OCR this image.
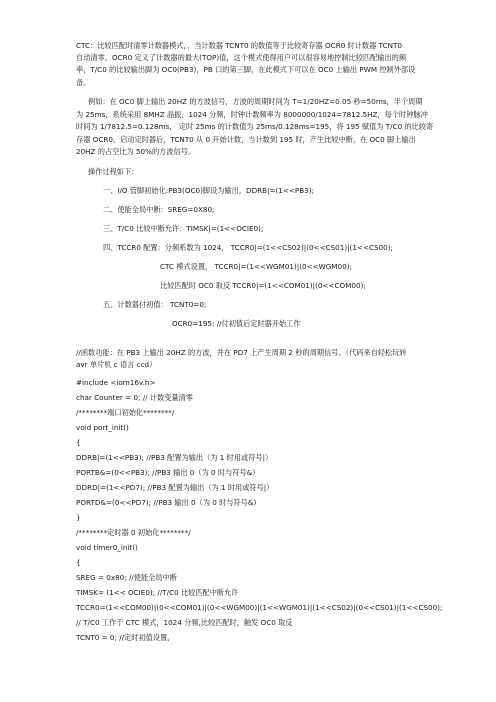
CTC：比较匹配时清零计数器模式，，当计数器 TCNT0 的数值等于比较寄存器 OCR0 时计数器 TCNT0
自动清零，OCR0 定义了计数器的最大(TOP)值，这个模式使得用户可以很容易地控制比较匹配输出的频
率，T/C0 的比较输出脚为 OC0(PB3)，PB 口的第三脚，在此模式下可以在 OC0 上输出 PWM 控制外部设
备。
例如：在 OC0 脚上输出 20HZ 的方波信号，方波的周期时间为 T=1/20HZ=0.05 秒=50ms，半个周期
为 25ms，系统采用 8MHZ 晶振，1024 分频，时钟计数频率为 8000000/1024=7812.5HZ，每个时钟脉冲
时间为 1/7812.5=0.128ms， 定时 25ms 的计数值为 25ms/0.128ms=195，将 195 赋值为 T/C0 的比较寄
存器 OCR0，启动定时器后，TCNT0 从 0 开始计数，当计数到 195 时，产生比较中断，在 OC0 脚上输出
20HZ 的占空比为 50%的方波信号。
操作过程如下：
一、I/O 管脚初始化:PB3(OC0)脚设为输出，DDRB|=(1<<PB3);
二、使能全局中断：SREG=0X80;
三、T/C0 比较中断允许：TIMSK|=(1<<OCIE0);
四、TCCR0 配置：分频系数为 1024， TCCR0|=(1<<CS02)|(0<<CS01)|(1<<CS00);
CTC 模式设置， TCCR0|=(1<<WGM01)|(0<<WGM00);
比较匹配时 OC0 取反 TCCR0|=(1<<COM01)|(0<<COM00);
五、计数器付初值： TCNT0=0;
OCR0=195; //付初值后定时器开始工作
//函数功能：在 PB3 上输出 20HZ 的方波，并在 PD7 上产生周期 2 秒的周期信号。（代码来自轻松玩转
avr 单片机 c 语言 ccd）
#include <iom16v.h>
char Counter = 0; // 计数变量清零
/********端口初始化********/
void port_init()
{
DDRB|=(1<<PB3); //PB3 配置为输出（为 1 时用或符号|）
PORTB&=(0<<PB3); //PB3 输出 0（为 0 时与符号&）
DDRD|=(1<<PD7); //PB3 配置为输出（为 1 时用或符号|）
PORTD&=(0<<PD7); //PB3 输出 0（为 0 时与符号&)
}
/********定时器 0 初始化********/
void timer0_init()
{
SREG = 0x80; //使能全局中断
TIMSK= (1<< OCIE0); //T/C0 比较匹配中断允许
TCCR0=(1<<COM00)|(0<<COM01)|(0<<WGM00)|(1<<WGM01)|(1<<CS02)|(0<<CS01)|(1<<CS00);
// T/C0 工作于 CTC 模式，1024 分频,比较匹配时，触发 OC0 取反
TCNT0 = 0; //定时初值设置，
